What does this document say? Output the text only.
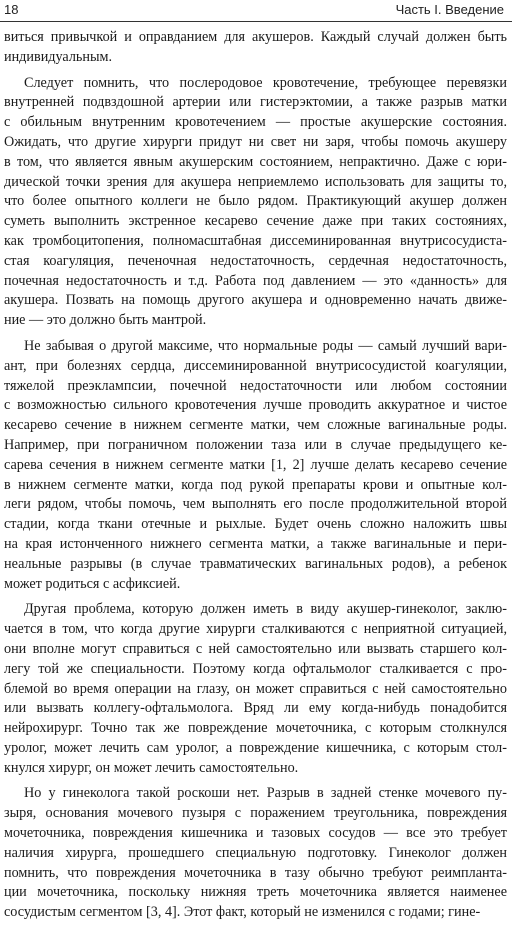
18	Часть I. Введение
виться привычкой и оправданием для акушеров. Каждый случай должен быть
индивидуальным.
Следует помнить, что послеродовое кровотечение, требующее перевязки
внутренней подвздошной артерии или гистерэктомии, а также разрыв матки
с обильным внутренним кровотечением — простые акушерские состояния.
Ожидать, что другие хирурги придут ни свет ни заря, чтобы помочь акушеру
в том, что является явным акушерским состоянием, непрактично. Даже с юри-
дической точки зрения для акушера неприемлемо использовать для защиты то,
что более опытного коллеги не было рядом. Практикующий акушер должен
суметь выполнить экстренное кесарево сечение даже при таких состояниях,
как тромбоцитопения, полномасштабная диссеминированная внутрисосудиста-
стая коагуляция, печеночная недостаточность, сердечная недостаточность,
почечная недостаточность и т.д. Работа под давлением — это «данность» для
акушера. Позвать на помощь другого акушера и одновременно начать движе-
ние — это должно быть мантрой.
Не забывая о другой максиме, что нормальные роды — самый лучший вари-
ант, при болезнях сердца, диссеминированной внутрисосудистой коагуляции,
тяжелой преэклампсии, почечной недостаточности или любом состоянии
с возможностью сильного кровотечения лучше проводить аккуратное и чистое
кесарево сечение в нижнем сегменте матки, чем сложные вагинальные роды.
Например, при пограничном положении таза или в случае предыдущего ке-
сарева сечения в нижнем сегменте матки [1, 2] лучше делать кесарево сечение
в нижнем сегменте матки, когда под рукой препараты крови и опытные кол-
леги рядом, чтобы помочь, чем выполнять его после продолжительной второй
стадии, когда ткани отечные и рыхлые. Будет очень сложно наложить швы
на края истонченного нижнего сегмента матки, а также вагинальные и пери-
неальные разрывы (в случае травматических вагинальных родов), а ребенок
может родиться с асфиксией.
Другая проблема, которую должен иметь в виду акушер-гинеколог, заклю-
чается в том, что когда другие хирурги сталкиваются с неприятной ситуацией,
они вполне могут справиться с ней самостоятельно или вызвать старшего кол-
легу той же специальности. Поэтому когда офтальмолог сталкивается с про-
блемой во время операции на глазу, он может справиться с ней самостоятельно
или вызвать коллегу-офтальмолога. Вряд ли ему когда-нибудь понадобится
нейрохирург. Точно так же повреждение мочеточника, с которым столкнулся
уролог, может лечить сам уролог, а повреждение кишечника, с которым стол-
кнулся хирург, он может лечить самостоятельно.
Но у гинеколога такой роскоши нет. Разрыв в задней стенке мочевого пу-
зыря, основания мочевого пузыря с поражением треугольника, повреждения
мочеточника, повреждения кишечника и тазовых сосудов — все это требует
наличия хирурга, прошедшего специальную подготовку. Гинеколог должен
помнить, что повреждения мочеточника в тазу обычно требуют реимпланта-
ции мочеточника, поскольку нижняя треть мочеточника является наименее
сосудистым сегментом [3, 4]. Этот факт, который не изменился с годами; гине-
